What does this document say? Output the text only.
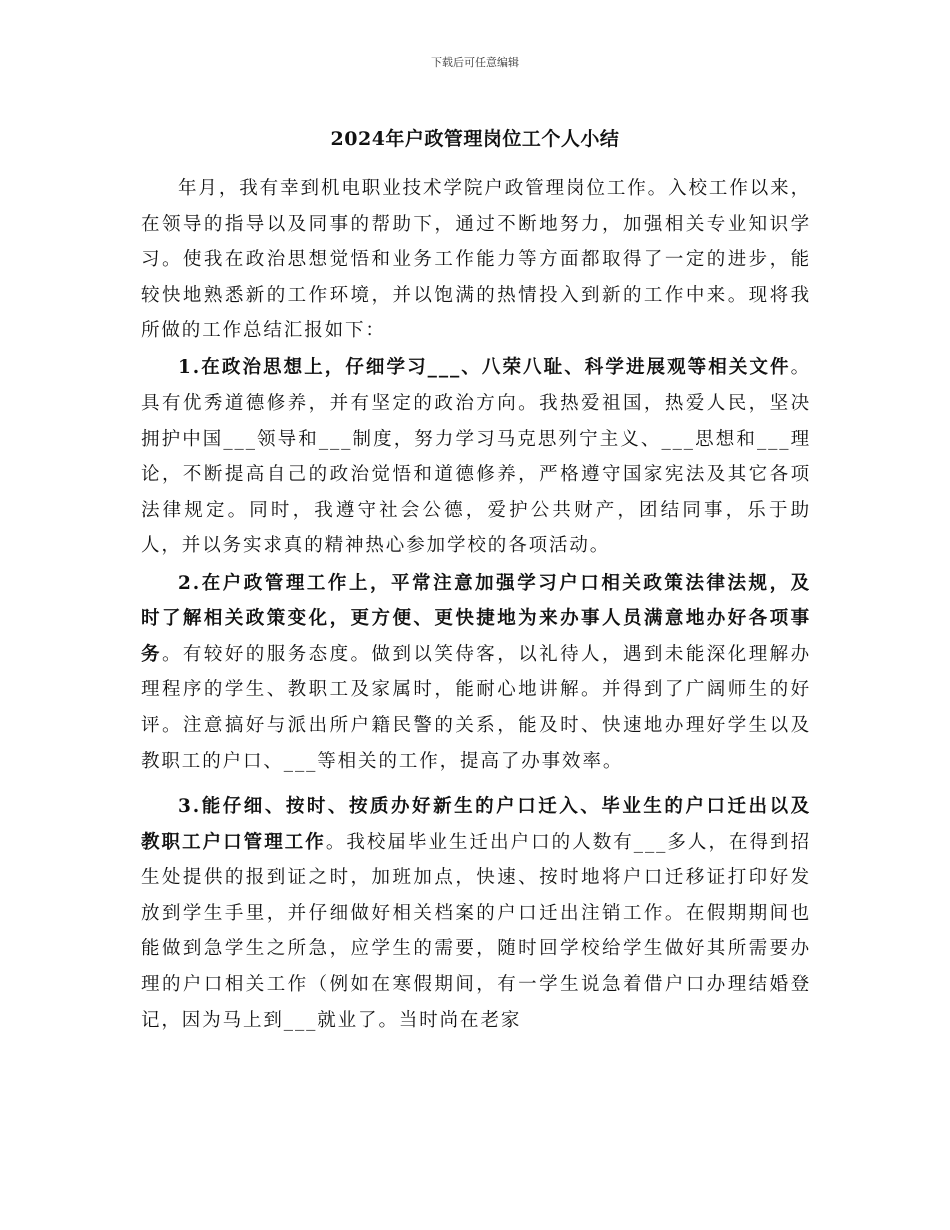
下载后可任意编辑
2024年户政管理岗位工个人小结

年月，我有幸到机电职业技术学院户政管理岗位工作。入校工作以来，在领导的指导以及同事的帮助下，通过不断地努力，加强相关专业知识学习。使我在政治思想觉悟和业务工作能力等方面都取得了一定的进步，能较快地熟悉新的工作环境，并以饱满的热情投入到新的工作中来。现将我所做的工作总结汇报如下：

1.在政治思想上，仔细学习___、八荣八耻、科学进展观等相关文件。具有优秀道德修养，并有坚定的政治方向。我热爱祖国，热爱人民，坚决拥护中国___领导和___制度，努力学习马克思列宁主义、___思想和___理论，不断提高自己的政治觉悟和道德修养，严格遵守国家宪法及其它各项法律规定。同时，我遵守社会公德，爱护公共财产，团结同事，乐于助人，并以务实求真的精神热心参加学校的各项活动。

2.在户政管理工作上，平常注意加强学习户口相关政策法律法规，及时了解相关政策变化，更方便、更快捷地为来办事人员满意地办好各项事务。有较好的服务态度。做到以笑侍客，以礼待人，遇到未能深化理解办理程序的学生、教职工及家属时，能耐心地讲解。并得到了广阔师生的好评。注意搞好与派出所户籍民警的关系，能及时、快速地办理好学生以及教职工的户口、___等相关的工作，提高了办事效率。

3.能仔细、按时、按质办好新生的户口迁入、毕业生的户口迁出以及教职工户口管理工作。我校届毕业生迁出户口的人数有___多人，在得到招生处提供的报到证之时，加班加点，快速、按时地将户口迁移证打印好发放到学生手里，并仔细做好相关档案的户口迁出注销工作。在假期期间也能做到急学生之所急，应学生的需要，随时回学校给学生做好其所需要办理的户口相关工作（例如在寒假期间，有一学生说急着借户口办理结婚登记，因为马上到___就业了。当时尚在老家
